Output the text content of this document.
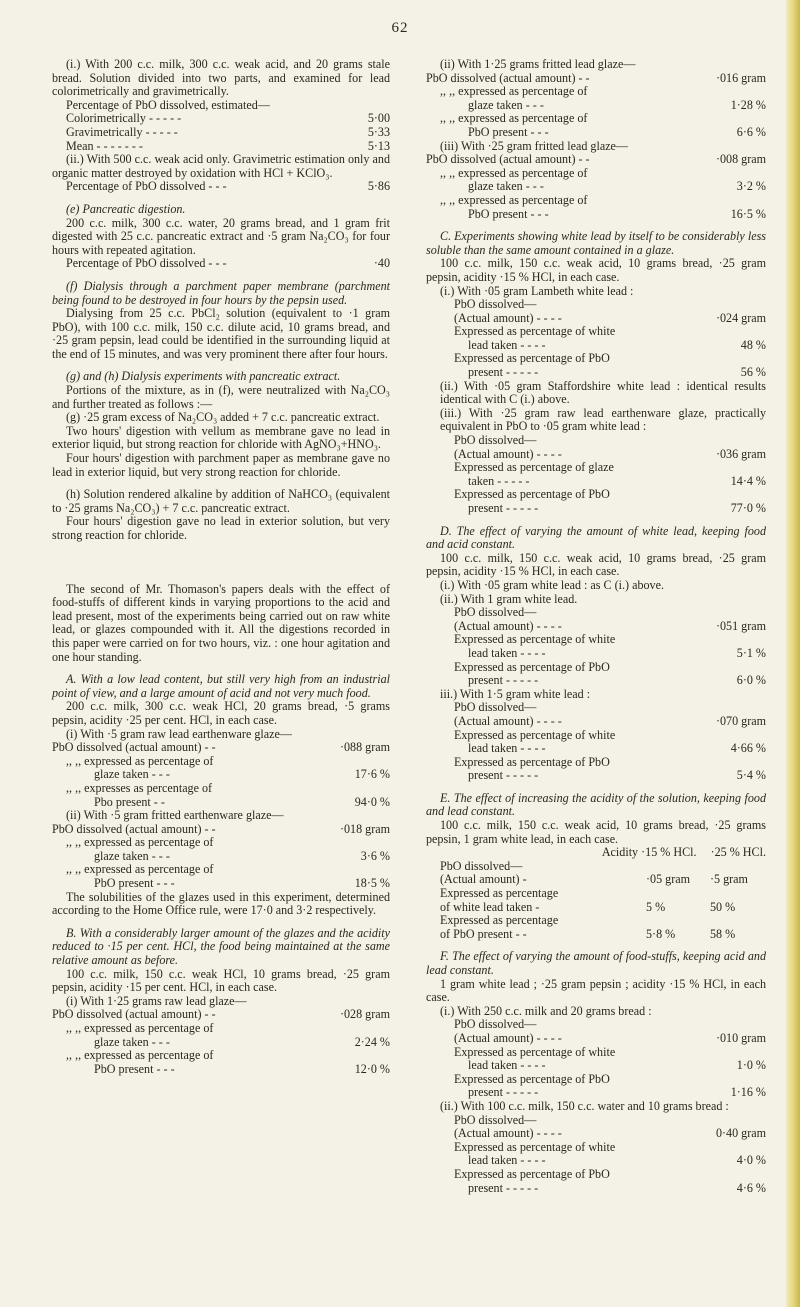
62

(i.) With 200 c.c. milk, 300 c.c. weak acid, and 20 grams stale bread. Solution divided into two parts, and examined for lead colorimetrically and gravimetrically.

Percentage of PbO dissolved, estimated—

Colorimetrically - - - - -	5·00
Gravimetrically - - - - -	5·33
Mean - - - - - - -	5·13

(ii.) With 500 c.c. weak acid only. Gravimetric estimation only and organic matter destroyed by oxidation with HCl + KClO₃.

Percentage of PbO dissolved - - -	5·86

(e) Pancreatic digestion.

200 c.c. milk, 300 c.c. water, 20 grams bread, and 1 gram frit digested with 25 c.c. pancreatic extract and ·5 gram Na₂CO₃ for four hours with repeated agitation.

Percentage of PbO dissolved - - -	·40

(f) Dialysis through a parchment paper membrane (parchment being found to be destroyed in four hours by the pepsin used.

Dialysing from 25 c.c. PbCl₂ solution (equivalent to ·1 gram PbO), with 100 c.c. milk, 150 c.c. dilute acid, 10 grams bread, and ·25 gram pepsin, lead could be identified in the surrounding liquid at the end of 15 minutes, and was very prominent there after four hours.

(g) and (h) Dialysis experiments with pancreatic extract.

Portions of the mixture, as in (f), were neutralized with Na₂CO₃ and further treated as follows :—

(g) ·25 gram excess of Na₂CO₃ added + 7 c.c. pancreatic extract.

Two hours' digestion with vellum as membrane gave no lead in exterior liquid, but strong reaction for chloride with AgNO₃+HNO₃.

Four hours' digestion with parchment paper as membrane gave no lead in exterior liquid, but very strong reaction for chloride.

(h) Solution rendered alkaline by addition of NaHCO₃ (equivalent to ·25 grams Na₂CO₃) + 7 c.c. pancreatic extract.

Four hours' digestion gave no lead in exterior solution, but very strong reaction for chloride.

The second of Mr. Thomason's papers deals with the effect of food-stuffs of different kinds in varying proportions to the acid and lead present, most of the experiments being carried out on raw white lead, or glazes compounded with it. All the digestions recorded in this paper were carried on for two hours, viz. : one hour agitation and one hour standing.

A. With a low lead content, but still very high from an industrial point of view, and a large amount of acid and not very much food.

200 c.c. milk, 300 c.c. weak HCl, 20 grams bread, ·5 grams pepsin, acidity ·25 per cent. HCl, in each case.

(i) With ·5 gram raw lead earthenware glaze—

PbO dissolved (actual amount) - -	·088 gram
,, ,, expressed as percentage of
glaze taken - - -	17·6 %
,, ,, expresses as percentage of
Pbo present - -	94·0 %

(ii) With ·5 gram fritted earthenware glaze—

PbO dissolved (actual amount) - -	·018 gram
,, ,, expressed as percentage of
glaze taken - - -	3·6 %
,, ,, expressed as percentage of
PbO present - - -	18·5 %

The solubilities of the glazes used in this experiment, determined according to the Home Office rule, were 17·0 and 3·2 respectively.

B. With a considerably larger amount of the glazes and the acidity reduced to ·15 per cent. HCl, the food being maintained at the same relative amount as before.

100 c.c. milk, 150 c.c. weak HCl, 10 grams bread, ·25 gram pepsin, acidity ·15 per cent. HCl, in each case.

(i) With 1·25 grams raw lead glaze—

PbO dissolved (actual amount) - -	·028 gram
,, ,, expressed as percentage of
glaze taken - - -	2·24 %
,, ,, expressed as percentage of
PbO present - - -	12·0 %

(ii) With 1·25 grams fritted lead glaze—

PbO dissolved (actual amount) - -	·016 gram
,, ,, expressed as percentage of
glaze taken - - -	1·28 %
,, ,, expressed as percentage of
PbO present - - -	6·6 %

(iii) With ·25 gram fritted lead glaze—

PbO dissolved (actual amount) - -	·008 gram
,, ,, expressed as percentage of
glaze taken - - -	3·2 %
,, ,, expressed as percentage of
PbO present - - -	16·5 %

C. Experiments showing white lead by itself to be considerably less soluble than the same amount contained in a glaze.

100 c.c. milk, 150 c.c. weak acid, 10 grams bread, ·25 gram pepsin, acidity ·15 % HCl, in each case.

(i.) With ·05 gram Lambeth white lead :

PbO dissolved—

(Actual amount) - - - -	·024 gram
Expressed as percentage of white
lead taken - - - -	48 %
Expressed as percentage of PbO
present - - - - -	56 %

(ii.) With ·05 gram Staffordshire white lead : identical results identical with C (i.) above.

(iii.) With ·25 gram raw lead earthenware glaze, practically equivalent in PbO to ·05 gram white lead :

PbO dissolved—

(Actual amount) - - - -	·036 gram
Expressed as percentage of glaze
taken - - - - -	14·4 %
Expressed as percentage of PbO
present - - - - -	77·0 %

D. The effect of varying the amount of white lead, keeping food and acid constant.

100 c.c. milk, 150 c.c. weak acid, 10 grams bread, ·25 gram pepsin, acidity ·15 % HCl, in each case.

(i.) With ·05 gram white lead : as C (i.) above.

(ii.) With 1 gram white lead.

PbO dissolved—

(Actual amount) - - - -	·051 gram
Expressed as percentage of white
lead taken - - - -	5·1 %
Expressed as percentage of PbO
present - - - - -	6·0 %

iii.) With 1·5 gram white lead :

PbO dissolved—

(Actual amount) - - - -	·070 gram
Expressed as percentage of white
lead taken - - - -	4·66 %
Expressed as percentage of PbO
present - - - - -	5·4 %

E. The effect of increasing the acidity of the solution, keeping food and lead constant.

100 c.c. milk, 150 c.c. weak acid, 10 grams bread, ·25 grams pepsin, 1 gram white lead, in each case.

Acidity ·15 % HCl. ·25 % HCl.
PbO dissolved—
(Actual amount) -	·05 gram	·5 gram
Expressed as percentage
of white lead taken -	5 %	50 %
Expressed as percentage
of PbO present - -	5·8 %	58 %

F. The effect of varying the amount of food-stuffs, keeping acid and lead constant.

1 gram white lead ; ·25 gram pepsin ; acidity ·15 % HCl, in each case.

(i.) With 250 c.c. milk and 20 grams bread :

PbO dissolved—

(Actual amount) - - - -	·010 gram
Expressed as percentage of white
lead taken - - - -	1·0 %
Expressed as percentage of PbO
present - - - - -	1·16 %

(ii.) With 100 c.c. milk, 150 c.c. water and 10 grams bread :

PbO dissolved—

(Actual amount) - - - -	0·40 gram
Expressed as percentage of white
lead taken - - - -	4·0 %
Expressed as percentage of PbO
present - - - - -	4·6 %
